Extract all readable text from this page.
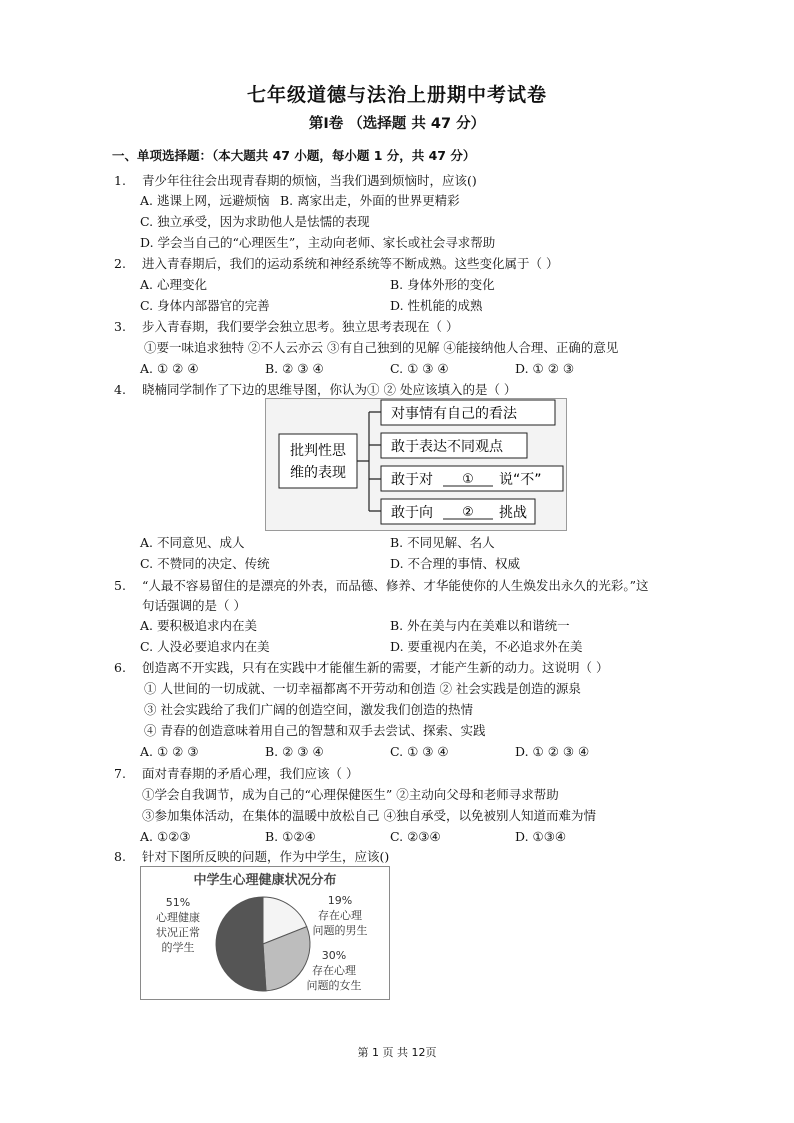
七年级道德与法治上册期中考试卷
第Ⅰ卷 （选择题 共 47 分）
一、单项选择题：（本大题共 47 小题，每小题 1 分，共 47 分）
1. 青少年往往会出现青春期的烦恼，当我们遇到烦恼时，应该()
A. 逃课上网，远避烦恼 B. 离家出走，外面的世界更精彩
C. 独立承受，因为求助他人是怯懦的表现
D. 学会当自己的“心理医生”，主动向老师、家长或社会寻求帮助
2. 进入青春期后，我们的运动系统和神经系统等不断成熟。这些变化属于（ ）
A. 心理变化	B. 身体外形的变化
C. 身体内部器官的完善	D. 性机能的成熟
3. 步入青春期，我们要学会独立思考。独立思考表现在（ ）
①要一味追求独特 ②不人云亦云 ③有自己独到的见解 ④能接纳他人合理、正确的意见
A. ① ② ④	B. ② ③ ④	C. ① ③ ④	D. ① ② ③
4. 晓楠同学制作了下边的思维导图，你认为① ② 处应该填入的是（ ）
批判性思
维的表现
对事情有自己的看法
敢于表达不同观点
敢于对 ① 说“不”
敢于向 ② 挑战
A. 不同意见、成人	B. 不同见解、名人
C. 不赞同的决定、传统	D. 不合理的事情、权威
5. “人最不容易留住的是漂亮的外表，而品德、修养、才华能使你的人生焕发出永久的光彩。”这
句话强调的是（ ）
A. 要积极追求内在美	B. 外在美与内在美难以和谐统一
C. 人没必要追求内在美	D. 要重视内在美，不必追求外在美
6. 创造离不开实践，只有在实践中才能催生新的需要，才能产生新的动力。这说明（ ）
① 人世间的一切成就、一切幸福都离不开劳动和创造 ② 社会实践是创造的源泉
③ 社会实践给了我们广阔的创造空间，激发我们创造的热情
④ 青春的创造意味着用自己的智慧和双手去尝试、探索、实践
A. ① ② ③	B. ② ③ ④	C. ① ③ ④	D. ① ② ③ ④
7. 面对青春期的矛盾心理，我们应该（ ）
①学会自我调节，成为自己的“心理保健医生” ②主动向父母和老师寻求帮助
③参加集体活动，在集体的温暖中放松自己 ④独自承受，以免被别人知道而难为情
A. ①②③	B. ①②④	C. ②③④	D. ①③④
8. 针对下图所反映的问题，作为中学生，应该()
中学生心理健康状况分布
51%
心理健康
状况正常
的学生
19%
存在心理
问题的男生
30%
存在心理
问题的女生
第 1 页 共 12页
